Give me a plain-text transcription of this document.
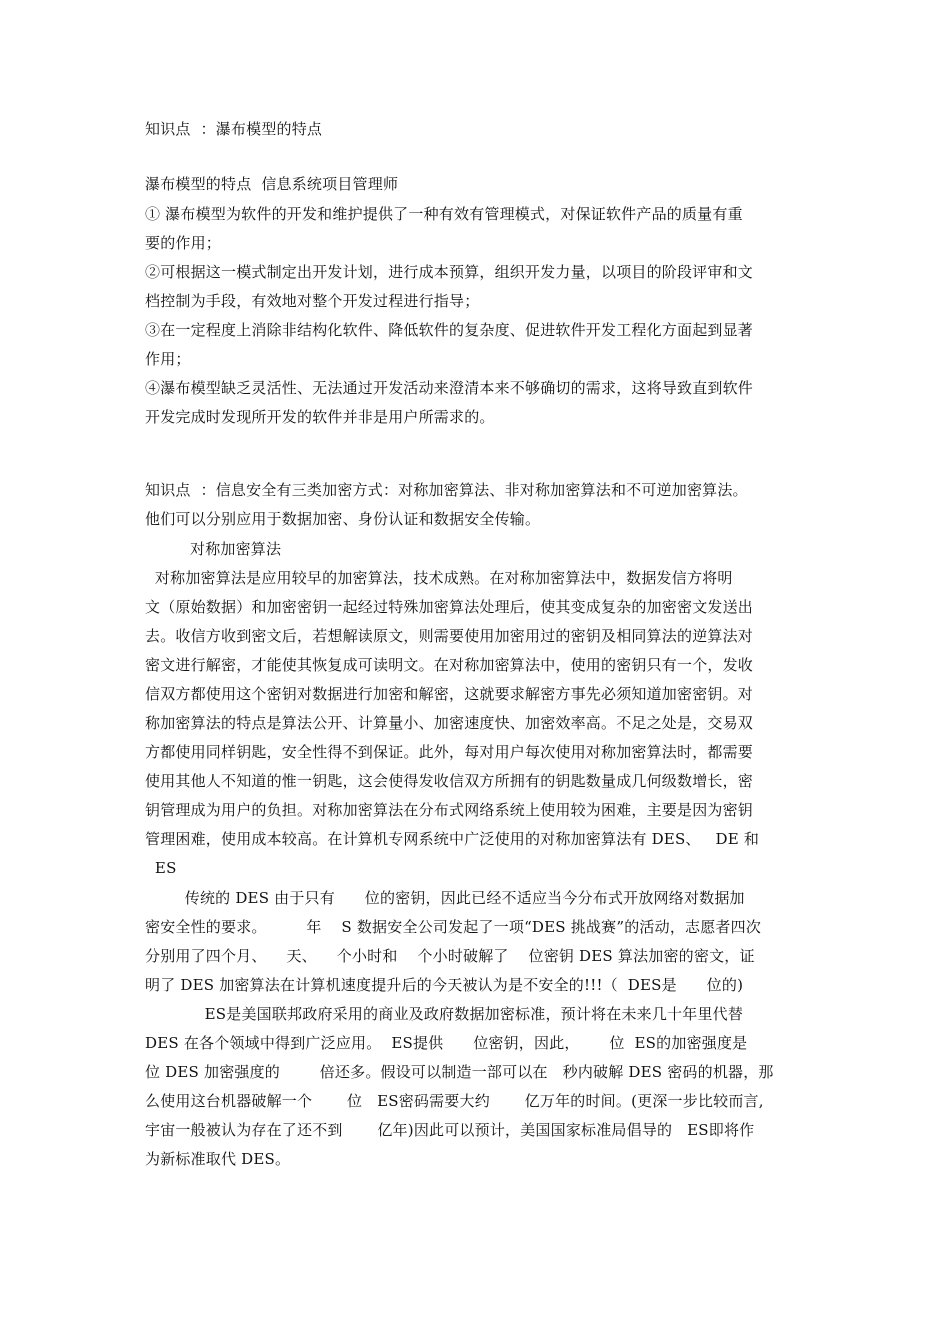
知识点  ：瀑布模型的特点
瀑布模型的特点  信息系统项目管理师
① 瀑布模型为软件的开发和维护提供了一种有效有管理模式，对保证软件产品的质量有重
要的作用；
②可根据这一模式制定出开发计划，进行成本预算，组织开发力量，以项目的阶段评审和文
档控制为手段，有效地对整个开发过程进行指导；
③在一定程度上消除非结构化软件、降低软件的复杂度、促进软件开发工程化方面起到显著
作用；
④瀑布模型缺乏灵活性、无法通过开发活动来澄清本来不够确切的需求，这将导致直到软件
开发完成时发现所开发的软件并非是用户所需求的。
知识点  ：信息安全有三类加密方式：对称加密算法、非对称加密算法和不可逆加密算法。
他们可以分别应用于数据加密、身份认证和数据安全传输。
对称加密算法
对称加密算法是应用较早的加密算法，技术成熟。在对称加密算法中，数据发信方将明
文（原始数据）和加密密钥一起经过特殊加密算法处理后，使其变成复杂的加密密文发送出
去。收信方收到密文后，若想解读原文，则需要使用加密用过的密钥及相同算法的逆算法对
密文进行解密，才能使其恢复成可读明文。在对称加密算法中，使用的密钥只有一个，发收
信双方都使用这个密钥对数据进行加密和解密，这就要求解密方事先必须知道加密密钥。对
称加密算法的特点是算法公开、计算量小、加密速度快、加密效率高。不足之处是，交易双
方都使用同样钥匙，安全性得不到保证。此外，每对用户每次使用对称加密算法时，都需要
使用其他人不知道的惟一钥匙，这会使得发收信双方所拥有的钥匙数量成几何级数增长，密
钥管理成为用户的负担。对称加密算法在分布式网络系统上使用较为困难，主要是因为密钥
管理困难，使用成本较高。在计算机专网系统中广泛使用的对称加密算法有 DES、   DE 和
ES
传统的 DES 由于只有      位的密钥，因此已经不适应当今分布式开放网络对数据加
密安全性的要求。        年    S 数据安全公司发起了一项“DES 挑战赛”的活动，志愿者四次
分别用了四个月、    天、    个小时和    个小时破解了    位密钥 DES 算法加密的密文，证
明了 DES 加密算法在计算机速度提升后的今天被认为是不安全的!!!（  DES是      位的)
ES是美国联邦政府采用的商业及政府数据加密标准，预计将在未来几十年里代替
DES 在各个领域中得到广泛应用。  ES提供      位密钥，因此，      位  ES的加密强度是
位 DES 加密强度的        倍还多。假设可以制造一部可以在   秒内破解 DES 密码的机器，那
么使用这台机器破解一个       位   ES密码需要大约       亿万年的时间。(更深一步比较而言,
宇宙一般被认为存在了还不到       亿年)因此可以预计，美国国家标准局倡导的   ES即将作
为新标准取代 DES。
